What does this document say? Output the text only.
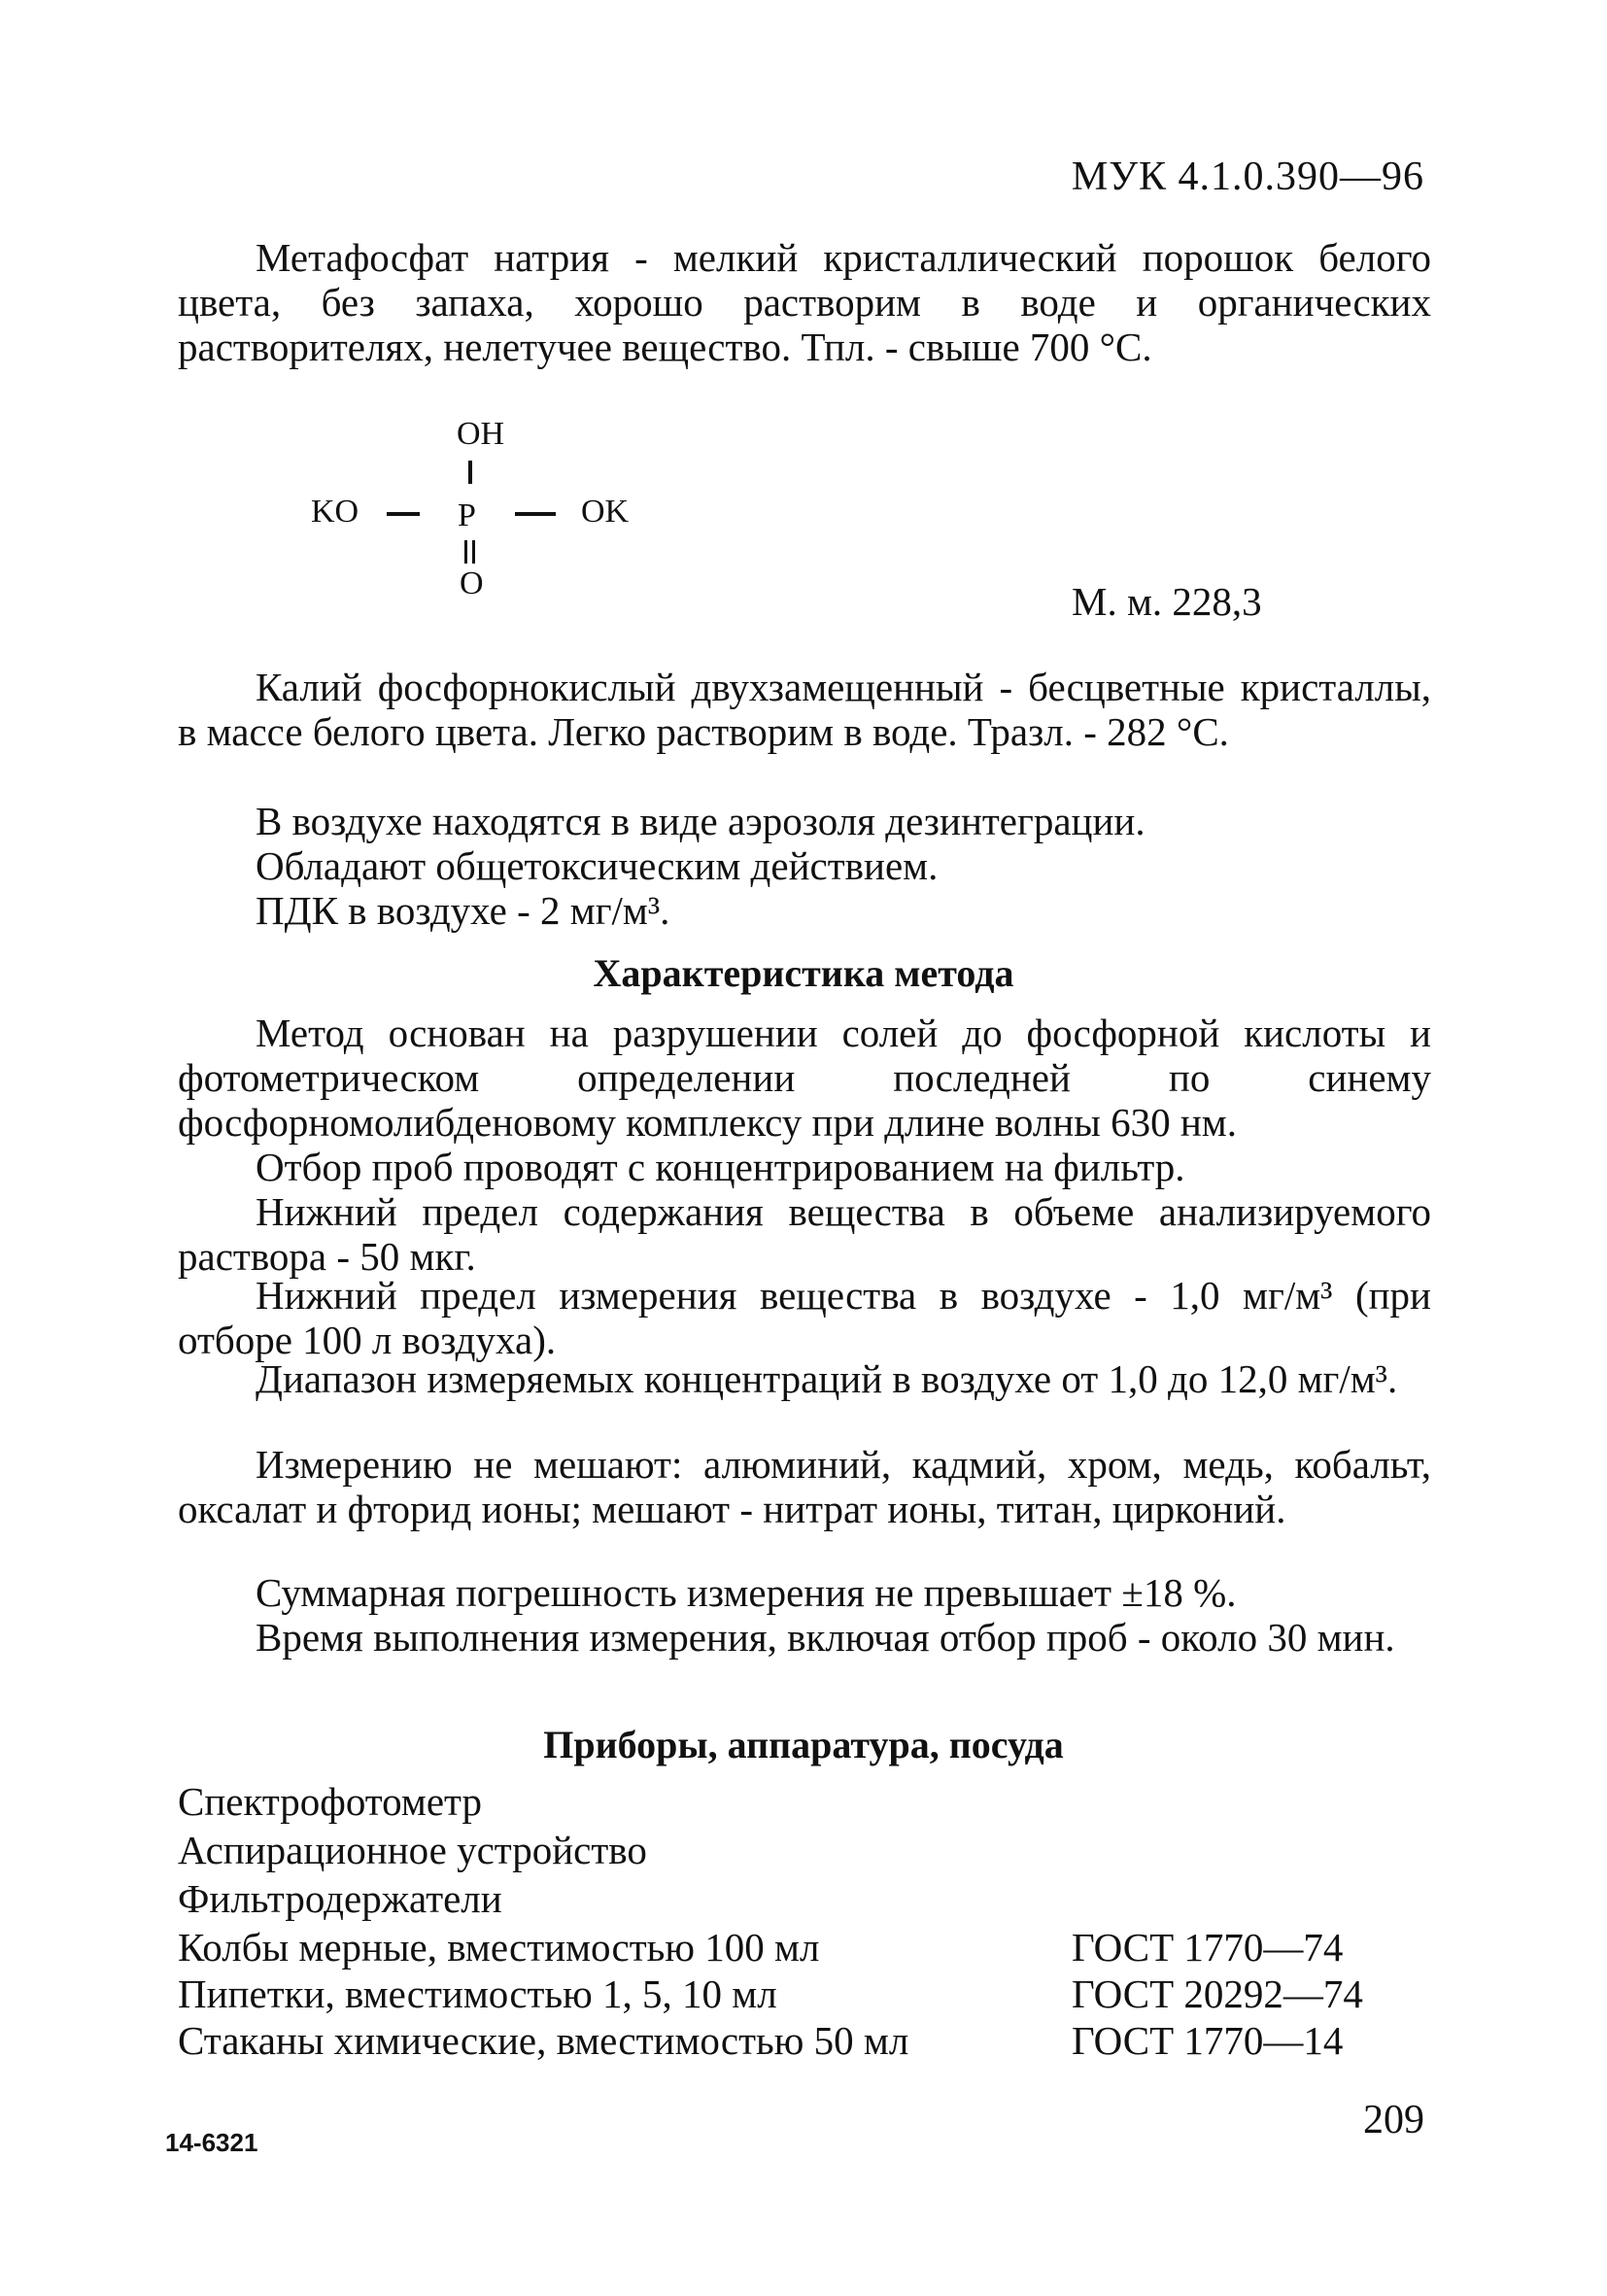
МУК 4.1.0.390—96
Метафосфат натрия - мелкий кристаллический порошок белого цвета, без запаха, хорошо растворим в воде и органических растворителях, нелетучее вещество. Тпл. - свыше 700 °С.
OH
KO	P	OK
O	М. м. 228,3
Калий фосфорнокислый двухзамещенный - бесцветные кристаллы, в массе белого цвета. Легко растворим в воде. Тразл. - 282 °С.
В воздухе находятся в виде аэрозоля дезинтеграции.
Обладают общетоксическим действием.
ПДК в воздухе - 2 мг/м³.
Характеристика метода
Метод основан на разрушении солей до фосфорной кислоты и фотометрическом определении последней по синему фосфорномолибденовому комплексу при длине волны 630 нм.
Отбор проб проводят с концентрированием на фильтр.
Нижний предел содержания вещества в объеме анализируемого раствора - 50 мкг.
Нижний предел измерения вещества в воздухе - 1,0 мг/м³ (при отборе 100 л воздуха).
Диапазон измеряемых концентраций в воздухе от 1,0 до 12,0 мг/м³.
Измерению не мешают: алюминий, кадмий, хром, медь, кобальт, оксалат и фторид ионы; мешают - нитрат ионы, титан, цирконий.
Суммарная погрешность измерения не превышает ±18 %.
Время выполнения измерения, включая отбор проб - около 30 мин.
Приборы, аппаратура, посуда
Спектрофотометр
Аспирационное устройство
Фильтродержатели
Колбы мерные, вместимостью 100 мл	ГОСТ 1770—74
Пипетки, вместимостью 1, 5, 10 мл	ГОСТ 20292—74
Стаканы химические, вместимостью 50 мл	ГОСТ 1770—14
14-6321	209
